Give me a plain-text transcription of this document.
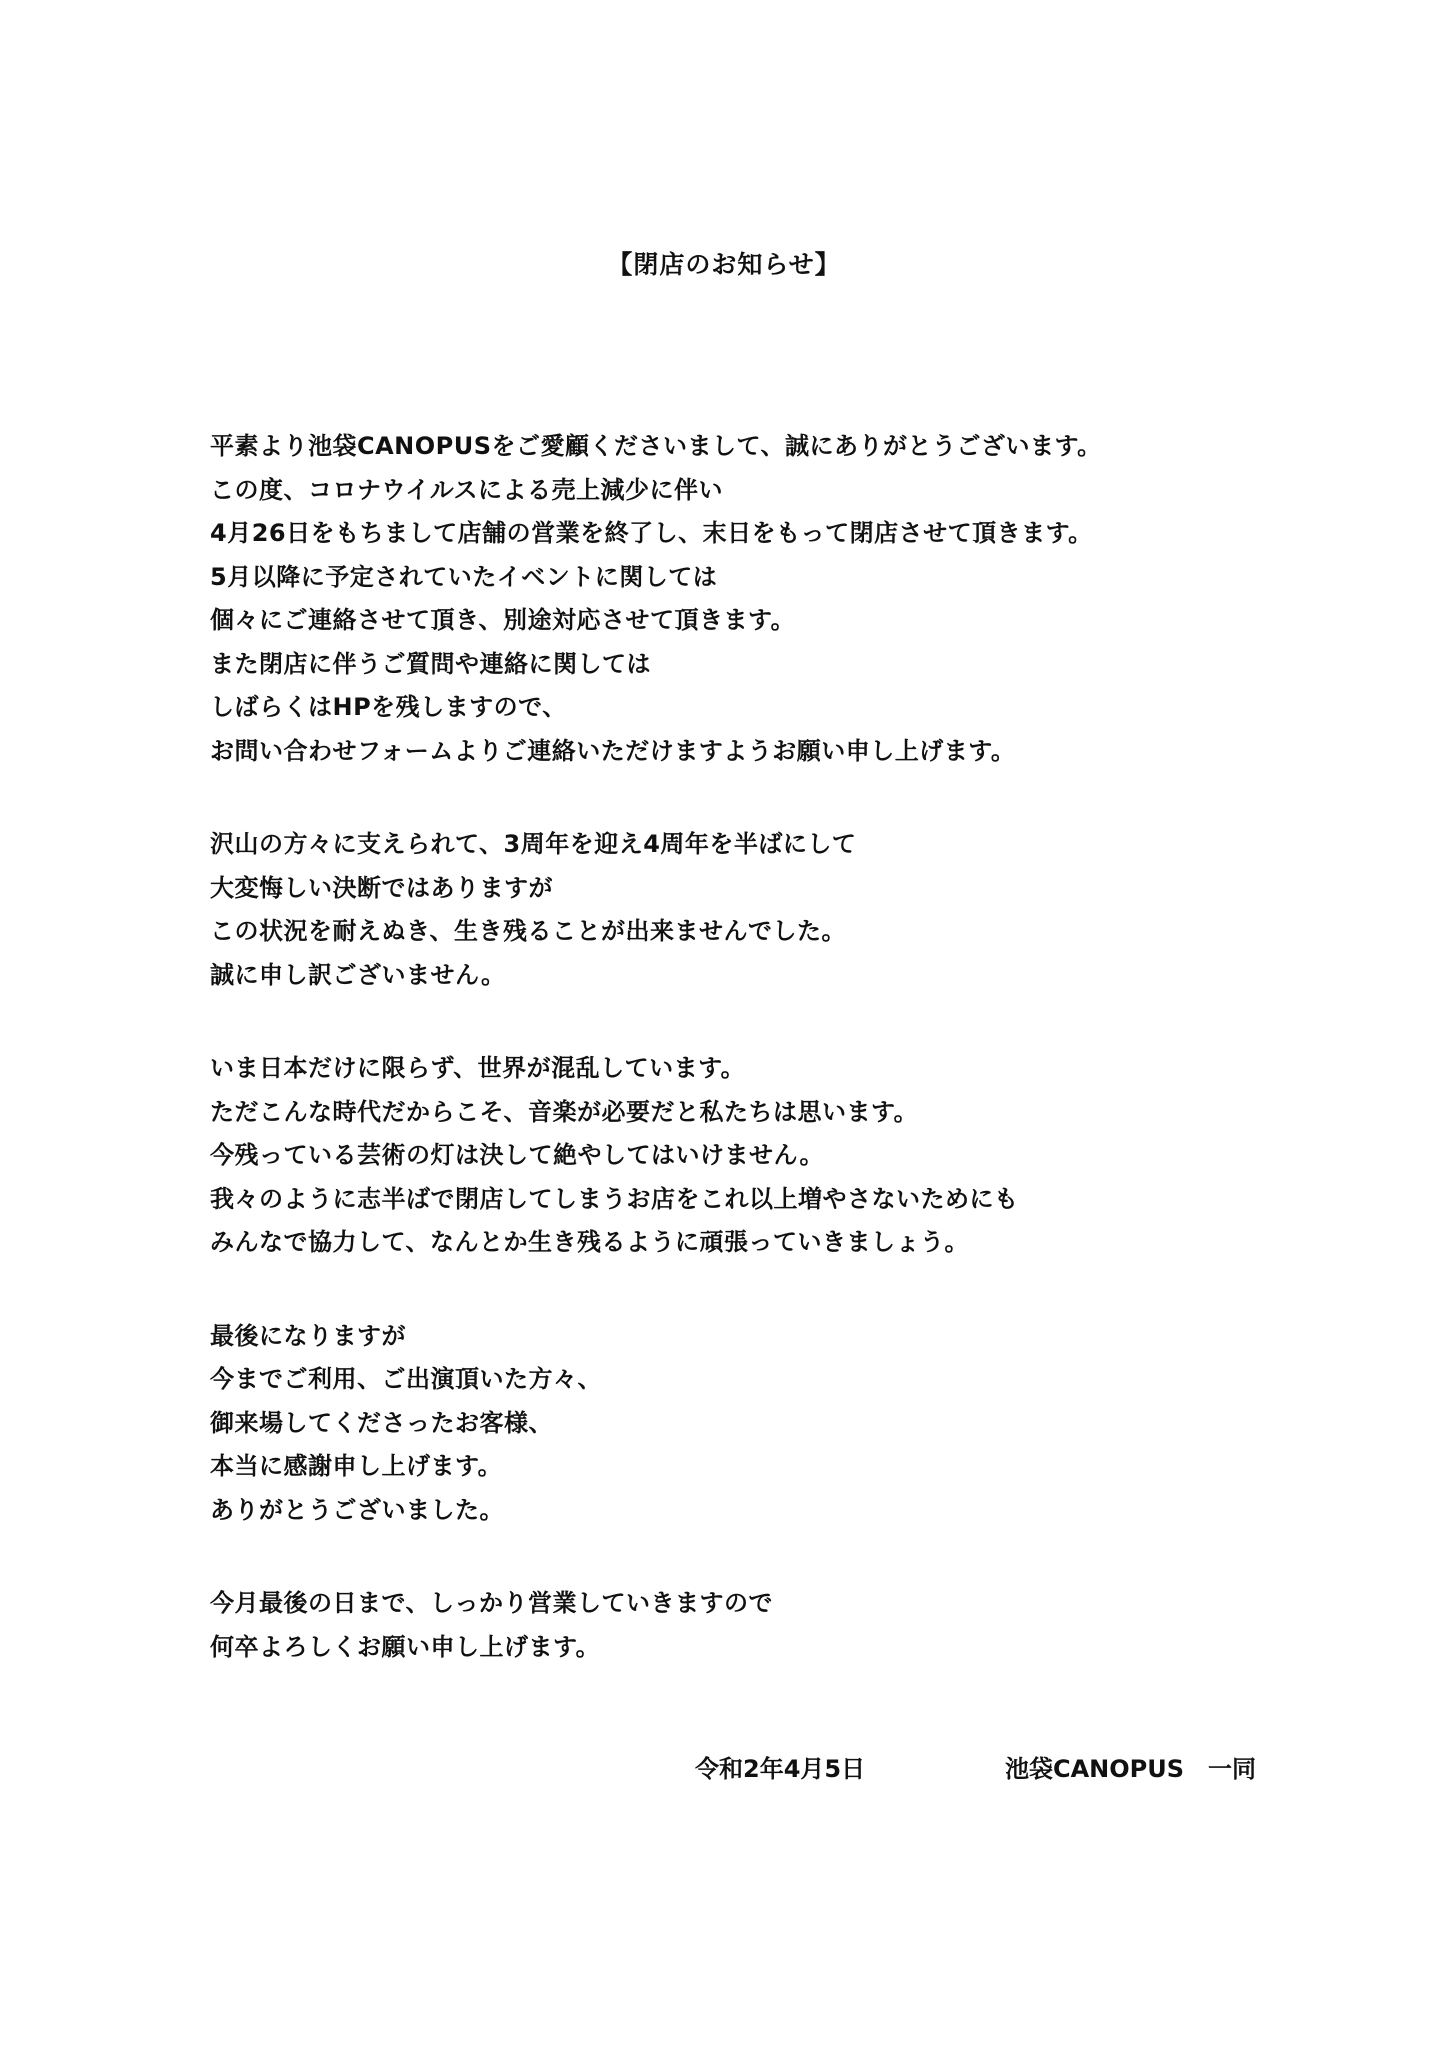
【閉店のお知らせ】
平素より池袋CANOPUSをご愛顧くださいまして、誠にありがとうございます。
この度、コロナウイルスによる売上減少に伴い
4月26日をもちまして店舗の営業を終了し、末日をもって閉店させて頂きます。
5月以降に予定されていたイベントに関しては
個々にご連絡させて頂き、別途対応させて頂きます。
また閉店に伴うご質問や連絡に関しては
しばらくはHPを残しますので、
お問い合わせフォームよりご連絡いただけますようお願い申し上げます。
沢山の方々に支えられて、3周年を迎え4周年を半ばにして
大変悔しい決断ではありますが
この状況を耐えぬき、生き残ることが出来ませんでした。
誠に申し訳ございません。
いま日本だけに限らず、世界が混乱しています。
ただこんな時代だからこそ、音楽が必要だと私たちは思います。
今残っている芸術の灯は決して絶やしてはいけません。
我々のように志半ばで閉店してしまうお店をこれ以上増やさないためにも
みんなで協力して、なんとか生き残るように頑張っていきましょう。
最後になりますが
今までご利用、ご出演頂いた方々、
御来場してくださったお客様、
本当に感謝申し上げます。
ありがとうございました。
今月最後の日まで、しっかり営業していきますので
何卒よろしくお願い申し上げます。
令和2年4月5日	池袋CANOPUS　一同
